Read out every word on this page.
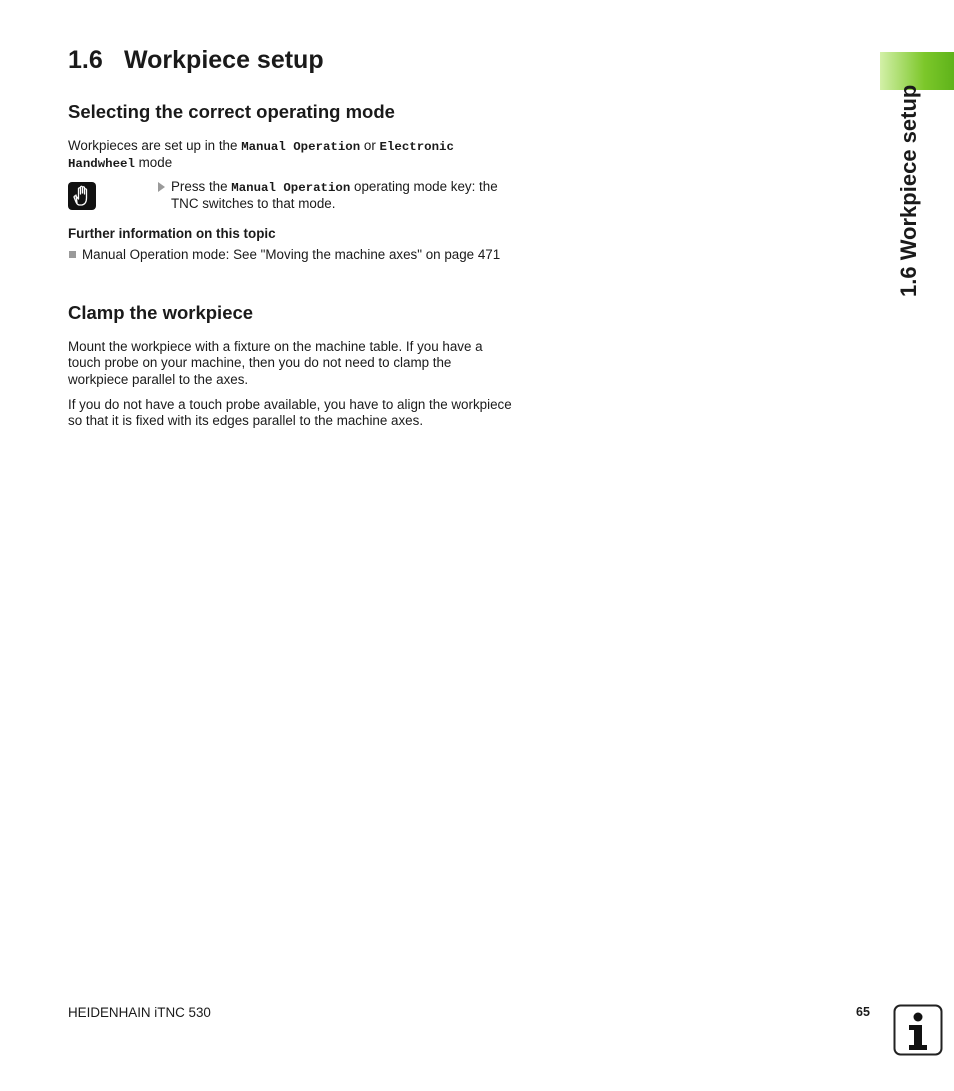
1.6 Workpiece setup
1.6 Workpiece setup
Selecting the correct operating mode

Workpieces are set up in the Manual Operation or Electronic Handwheel mode

Press the Manual Operation operating mode key: the TNC switches to that mode.
Further information on this topic
Manual Operation mode: See "Moving the machine axes" on page 471
Clamp the workpiece

Mount the workpiece with a fixture on the machine table. If you have a touch probe on your machine, then you do not need to clamp the workpiece parallel to the axes.

If you do not have a touch probe available, you have to align the workpiece so that it is fixed with its edges parallel to the machine axes.

HEIDENHAIN iTNC 530	65
